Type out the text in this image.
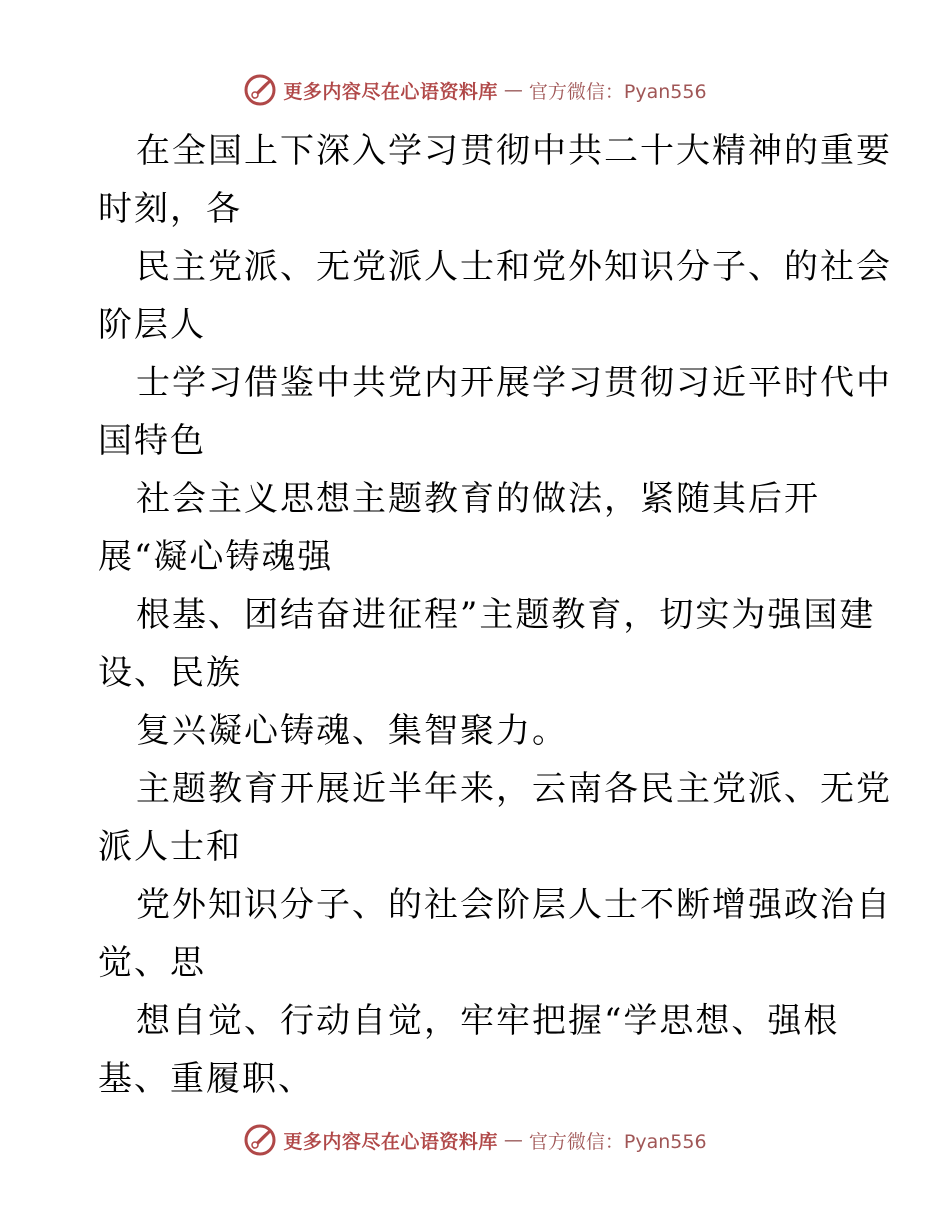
更多内容尽在心语资料库 — 官方微信：Pyan556
在全国上下深入学习贯彻中共二十大精神的重要
时刻，各
民主党派、无党派人士和党外知识分子、的社会
阶层人
士学习借鉴中共党内开展学习贯彻习近平时代中
国特色
社会主义思想主题教育的做法，紧随其后开
展“凝心铸魂强
根基、团结奋进征程”主题教育，切实为强国建
设、民族
复兴凝心铸魂、集智聚力。
主题教育开展近半年来，云南各民主党派、无党
派人士和
党外知识分子、的社会阶层人士不断增强政治自
觉、思
想自觉、行动自觉，牢牢把握“学思想、强根
基、重履职、
更多内容尽在心语资料库 — 官方微信：Pyan556
